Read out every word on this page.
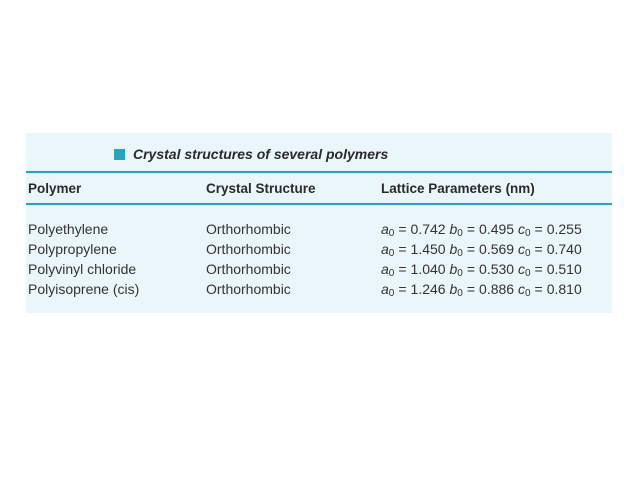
Crystal structures of several polymers
Polymer	Crystal Structure	Lattice Parameters (nm)
Polyethylene	Orthorhombic	$a_0 = 0.742$ $b_0 = 0.495$ $c_0 = 0.255$
Polypropylene	Orthorhombic	$a_0 = 1.450$ $b_0 = 0.569$ $c_0 = 0.740$
Polyvinyl chloride	Orthorhombic	$a_0 = 1.040$ $b_0 = 0.530$ $c_0 = 0.510$
Polyisoprene (cis)	Orthorhombic	$a_0 = 1.246$ $b_0 = 0.886$ $c_0 = 0.810$
